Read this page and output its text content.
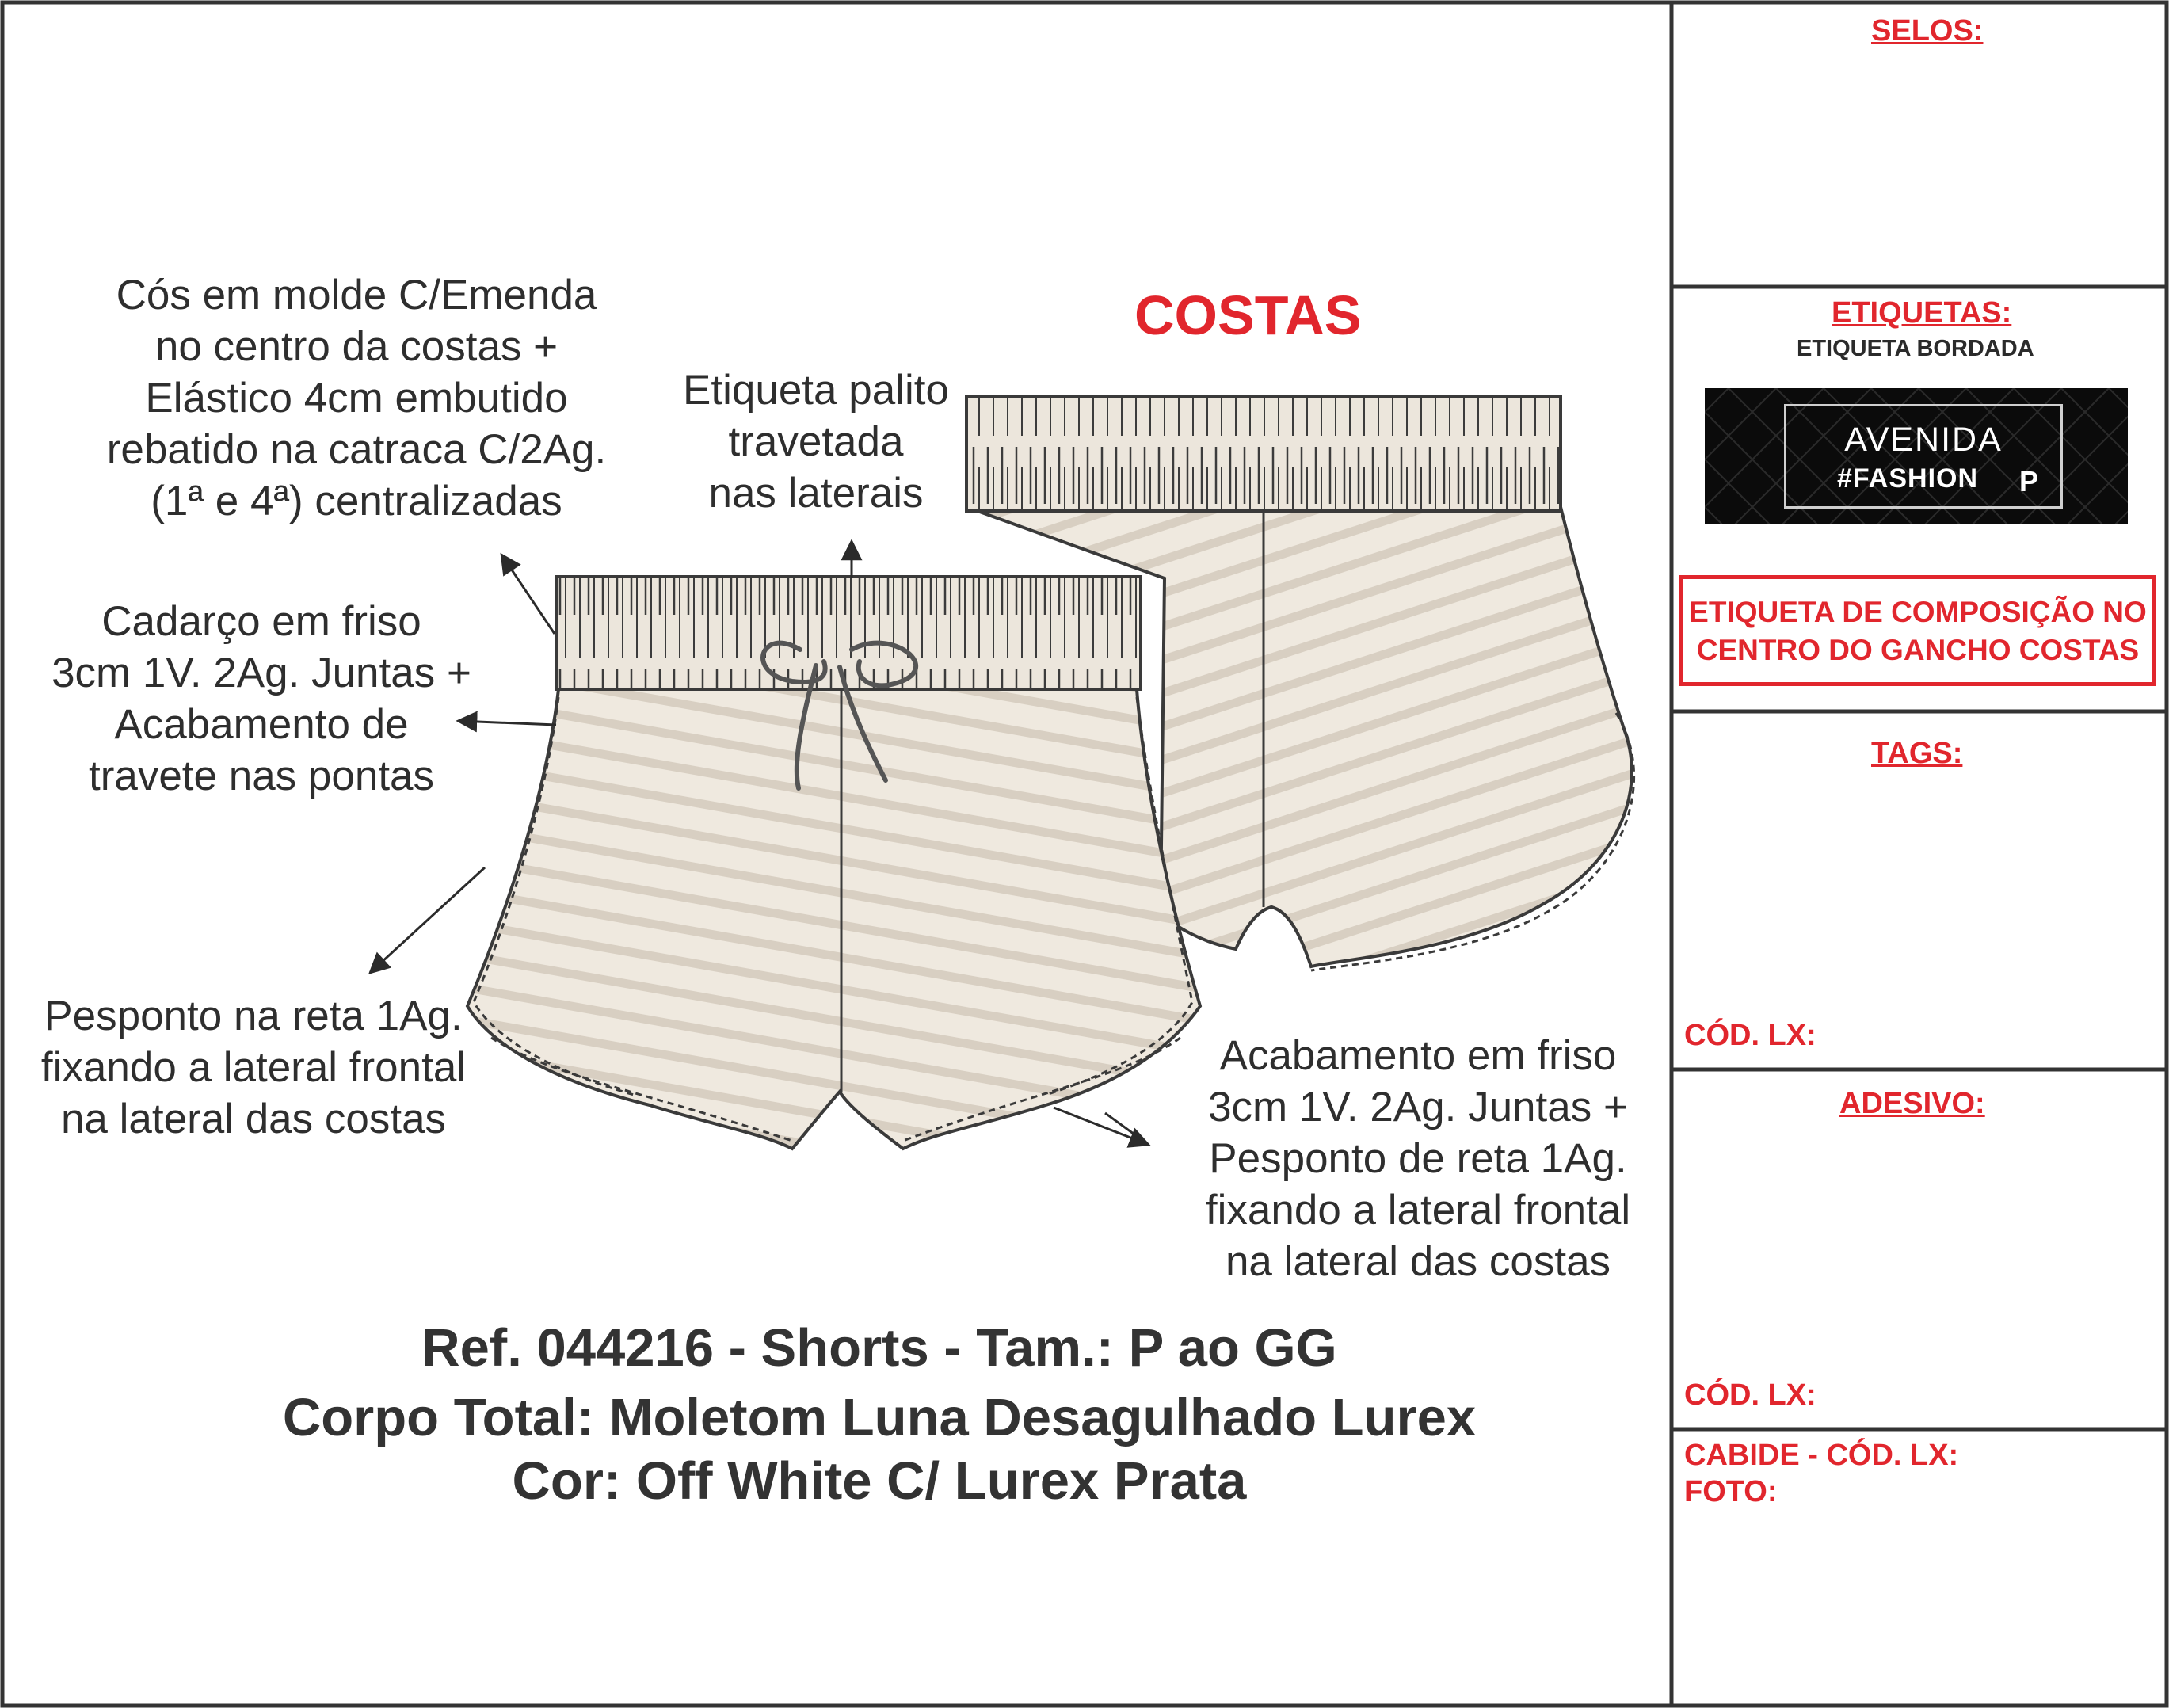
COSTAS
Cós em molde C/Emenda
no centro da costas +
Elástico 4cm embutido
rebatido na catraca C/2Ag.
(1ª e 4ª) centralizadas
Etiqueta palito
travetada
nas laterais
Cadarço em friso
3cm 1V. 2Ag. Juntas +
Acabamento de
travete nas pontas
Pesponto na reta 1Ag.
fixando a lateral frontal
na lateral das costas
Acabamento em friso
3cm 1V. 2Ag. Juntas +
Pesponto de reta 1Ag.
fixando a lateral frontal
na lateral das costas
Ref. 044216 - Shorts - Tam.: P ao GG
Corpo Total: Moletom Luna Desagulhado Lurex
Cor: Off White C/ Lurex Prata
SELOS:
ETIQUETAS:
ETIQUETA BORDADA
AVENIDA
#FASHION P
ETIQUETA DE COMPOSIÇÃO NO
CENTRO DO GANCHO COSTAS
TAGS:
CÓD. LX:
ADESIVO:
CÓD. LX:
CABIDE - CÓD. LX:
FOTO:
